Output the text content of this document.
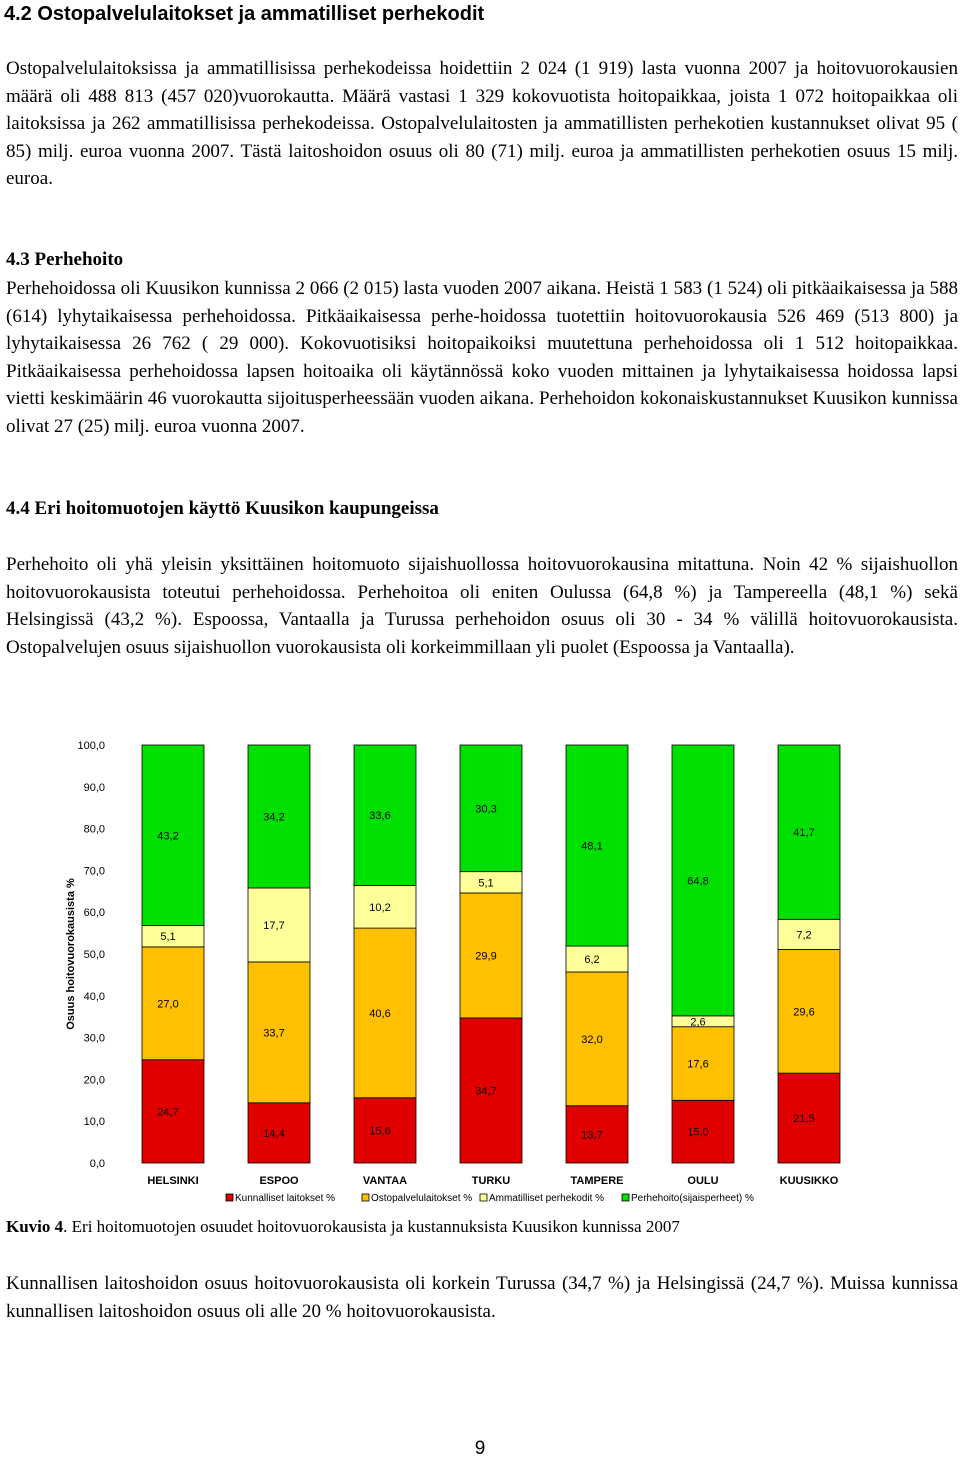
4.2 Ostopalvelulaitokset ja ammatilliset perhekodit

Ostopalvelulaitoksissa ja ammatillisissa perhekodeissa hoidettiin 2 024 (1 919) lasta vuonna 2007 ja hoitovuorokausien määrä oli 488 813 (457 020)vuorokautta. Määrä vastasi 1 329 kokovuotista hoitopaikkaa, joista 1 072 hoitopaikkaa oli laitoksissa ja 262 ammatillisissa perhekodeissa. Ostopalvelulaitosten ja ammatillisten perhekotien kustannukset olivat 95 ( 85) milj. euroa vuonna 2007. Tästä laitoshoidon osuus oli 80 (71) milj. euroa ja ammatillisten perhekotien osuus 15 milj. euroa.

4.3 Perhehoito

Perhehoidossa oli Kuusikon kunnissa 2 066 (2 015) lasta vuoden 2007 aikana. Heistä 1 583 (1 524) oli pitkäaikaisessa ja 588 (614) lyhytaikaisessa perhehoidossa. Pitkäaikaisessa perhe-hoidossa tuotettiin hoitovuorokausia 526 469 (513 800) ja lyhytaikaisessa 26 762 ( 29 000). Kokovuotisiksi hoitopaikoiksi muutettuna perhehoidossa oli 1 512 hoitopaikkaa. Pitkäaikaisessa perhehoidossa lapsen hoitoaika oli käytännössä koko vuoden mittainen ja lyhytaikaisessa hoidossa lapsi vietti keskimäärin 46 vuorokautta sijoitusperheessään vuoden aikana. Perhehoidon kokonaiskustannukset Kuusikon kunnissa olivat 27 (25) milj. euroa vuonna 2007.

4.4 Eri hoitomuotojen käyttö Kuusikon kaupungeissa

Perhehoito oli yhä yleisin yksittäinen hoitomuoto sijaishuollossa hoitovuorokausina mitattuna. Noin 42 % sijaishuollon hoitovuorokausista toteutui perhehoidossa. Perhehoitoa oli eniten Oulussa (64,8 %) ja Tampereella (48,1 %) sekä Helsingissä (43,2 %). Espoossa, Vantaalla ja Turussa perhehoidon osuus oli 30 - 34 % välillä hoitovuorokausista. Ostopalvelujen osuus sijaishuollon vuorokausista oli korkeimmillaan yli puolet (Espoossa ja Vantaalla).

0,0
10,0
20,0
30,0
40,0
50,0
60,0
70,0
80,0
90,0
100,0
Osuus hoitovuorokausista %
24,7
27,0
5,1
43,2
HELSINKI
14,4
33,7
17,7
34,2
ESPOO
15,6
40,6
10,2
33,6
VANTAA
34,7
29,9
5,1
30,3
TURKU
13,7
32,0
6,2
48,1
TAMPERE
15,0
17,6
2,6
64,8
OULU
21,5
29,6
7,2
41,7
KUUSIKKO
Kunnalliset laitokset %	Ostopalvelulaitokset % Ammatilliset perhekodit %	Perhehoito(sijaisperheet) %

Kuvio 4. Eri hoitomuotojen osuudet hoitovuorokausista ja kustannuksista Kuusikon kunnissa 2007

Kunnallisen laitoshoidon osuus hoitovuorokausista oli korkein Turussa (34,7 %) ja Helsingissä (24,7 %). Muissa kunnissa kunnallisen laitoshoidon osuus oli alle 20 % hoitovuorokausista.

9
